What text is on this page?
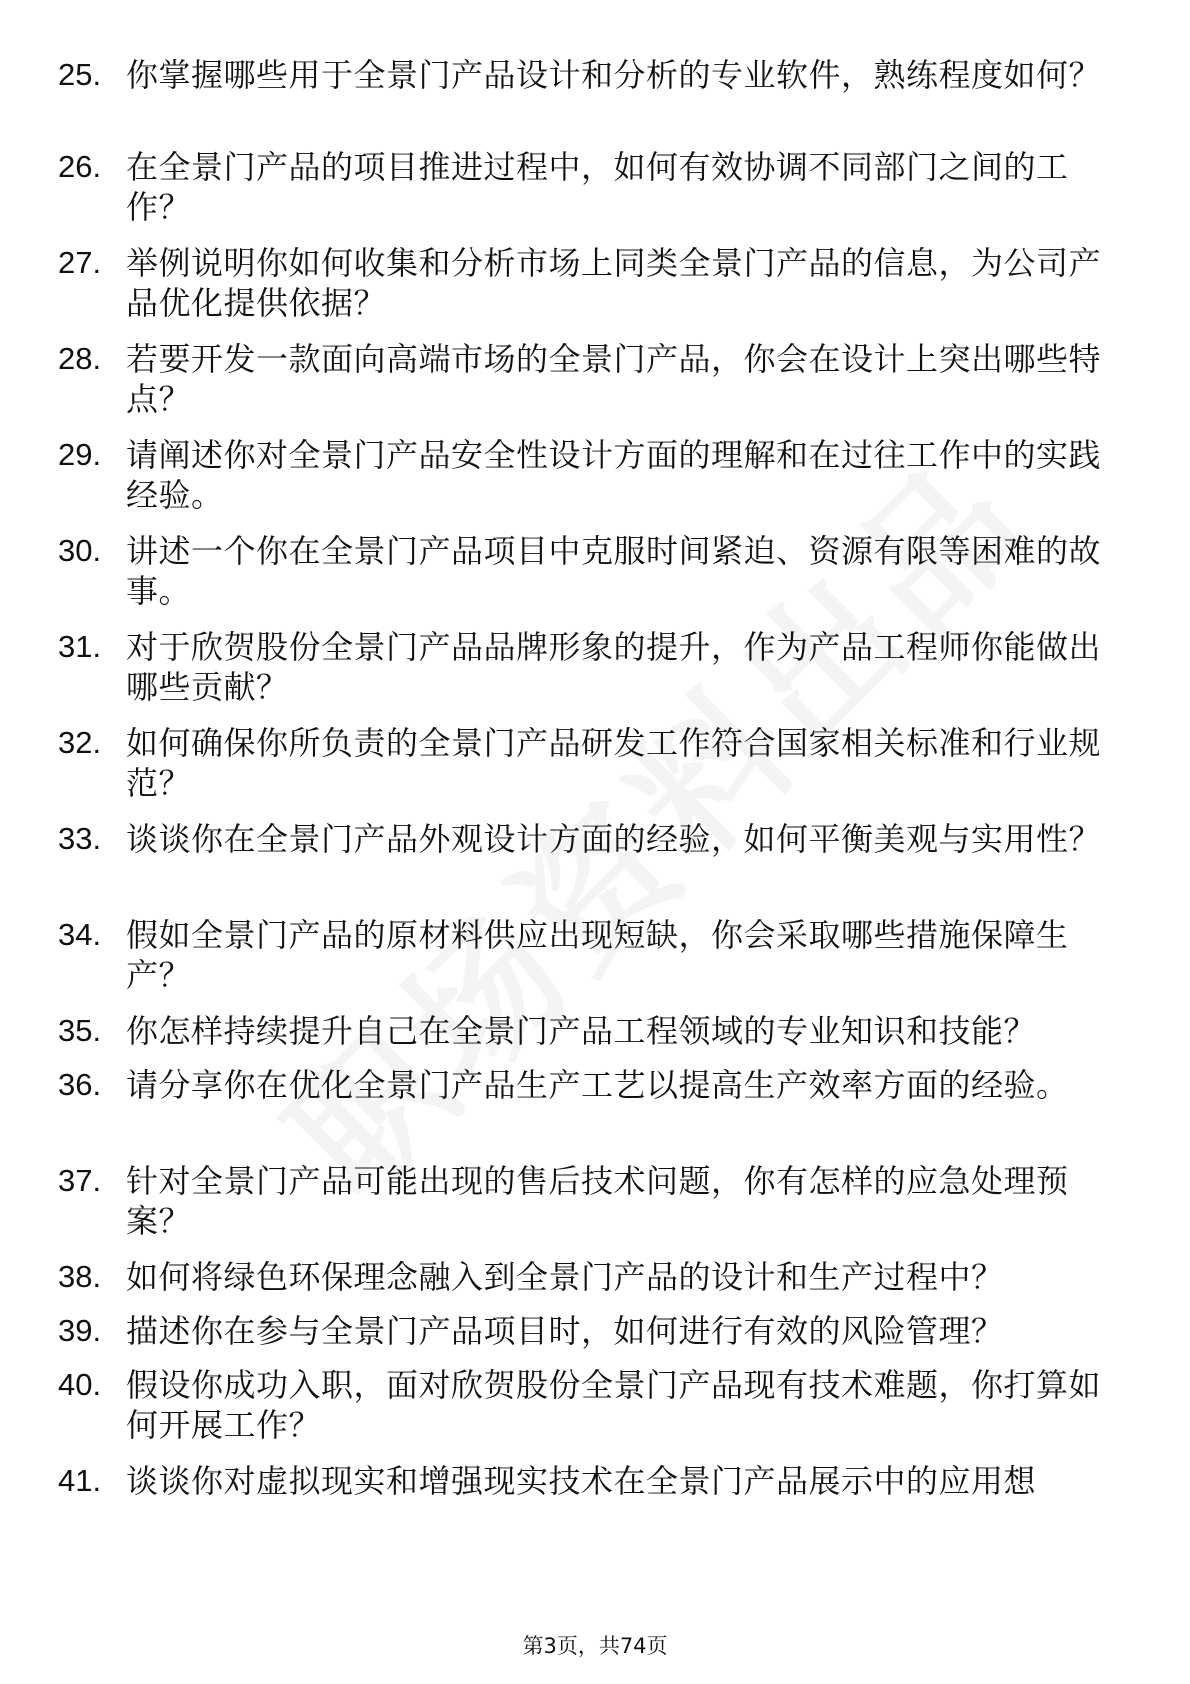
25. 你掌握哪些用于全景门产品设计和分析的专业软件，熟练程度如何？
26. 在全景门产品的项目推进过程中，如何有效协调不同部门之间的工作？
27. 举例说明你如何收集和分析市场上同类全景门产品的信息，为公司产品优化提供依据？
28. 若要开发一款面向高端市场的全景门产品，你会在设计上突出哪些特点？
29. 请阐述你对全景门产品安全性设计方面的理解和在过往工作中的实践经验。
30. 讲述一个你在全景门产品项目中克服时间紧迫、资源有限等困难的故事。
31. 对于欣贺股份全景门产品品牌形象的提升，作为产品工程师你能做出哪些贡献？
32. 如何确保你所负责的全景门产品研发工作符合国家相关标准和行业规范？
33. 谈谈你在全景门产品外观设计方面的经验，如何平衡美观与实用性？
34. 假如全景门产品的原材料供应出现短缺，你会采取哪些措施保障生产？
35. 你怎样持续提升自己在全景门产品工程领域的专业知识和技能？
36. 请分享你在优化全景门产品生产工艺以提高生产效率方面的经验。
37. 针对全景门产品可能出现的售后技术问题，你有怎样的应急处理预案？
38. 如何将绿色环保理念融入到全景门产品的设计和生产过程中？
39. 描述你在参与全景门产品项目时，如何进行有效的风险管理？
40. 假设你成功入职，面对欣贺股份全景门产品现有技术难题，你打算如何开展工作？
41. 谈谈你对虚拟现实和增强现实技术在全景门产品展示中的应用想
第3页，共74页
